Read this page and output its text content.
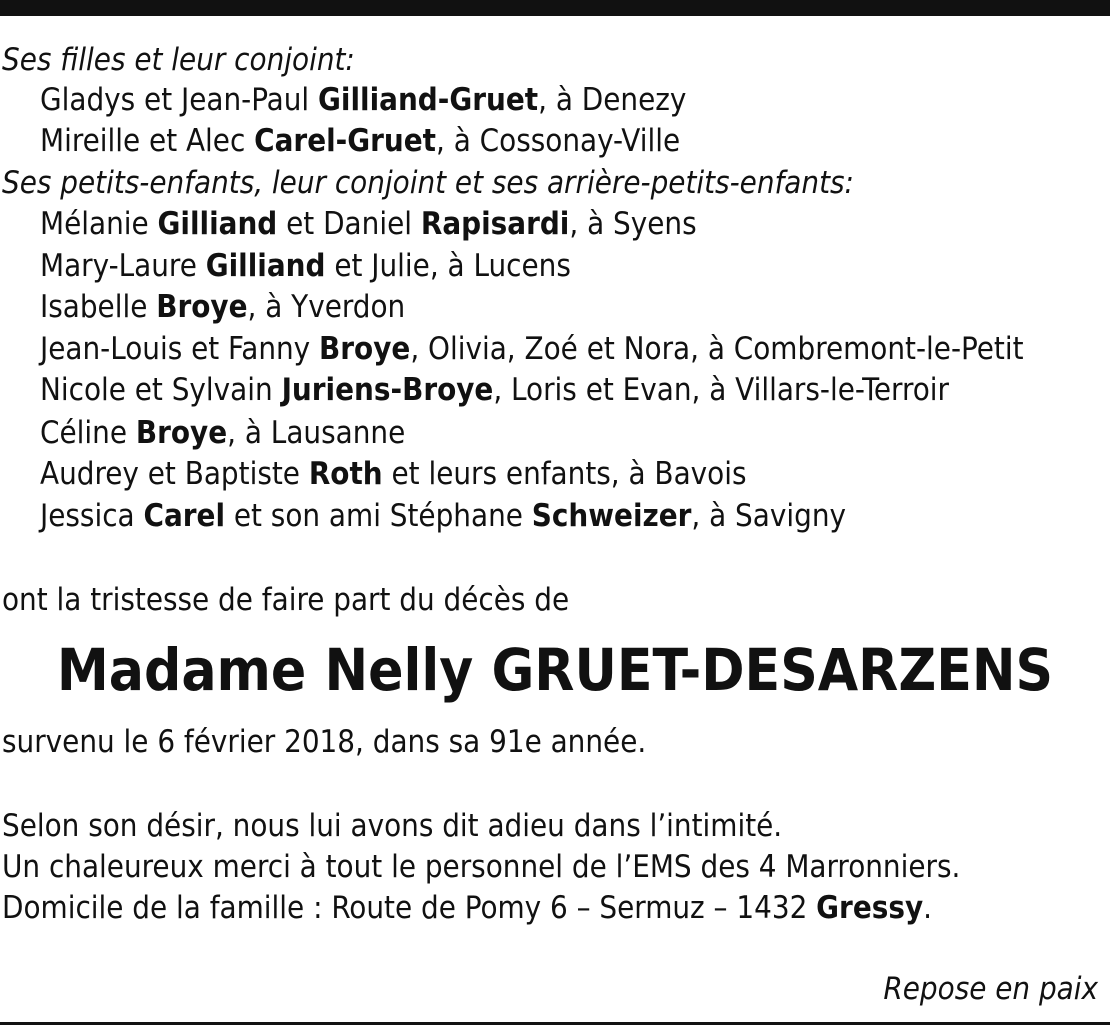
Ses filles et leur conjoint:
Gladys et Jean-Paul Gilliand-Gruet, à Denezy
Mireille et Alec Carel-Gruet, à Cossonay-Ville
Ses petits-enfants, leur conjoint et ses arrière-petits-enfants:
Mélanie Gilliand et Daniel Rapisardi, à Syens
Mary-Laure Gilliand et Julie, à Lucens
Isabelle Broye, à Yverdon
Jean-Louis et Fanny Broye, Olivia, Zoé et Nora, à Combremont-le-Petit
Nicole et Sylvain Juriens-Broye, Loris et Evan, à Villars-le-Terroir
Céline Broye, à Lausanne
Audrey et Baptiste Roth et leurs enfants, à Bavois
Jessica Carel et son ami Stéphane Schweizer, à Savigny
ont la tristesse de faire part du décès de
Madame Nelly GRUET-DESARZENS
survenu le 6 février 2018, dans sa 91e année.
Selon son désir, nous lui avons dit adieu dans l’intimité.
Un chaleureux merci à tout le personnel de l’EMS des 4 Marronniers.
Domicile de la famille : Route de Pomy 6 – Sermuz – 1432 Gressy.
Repose en paix
